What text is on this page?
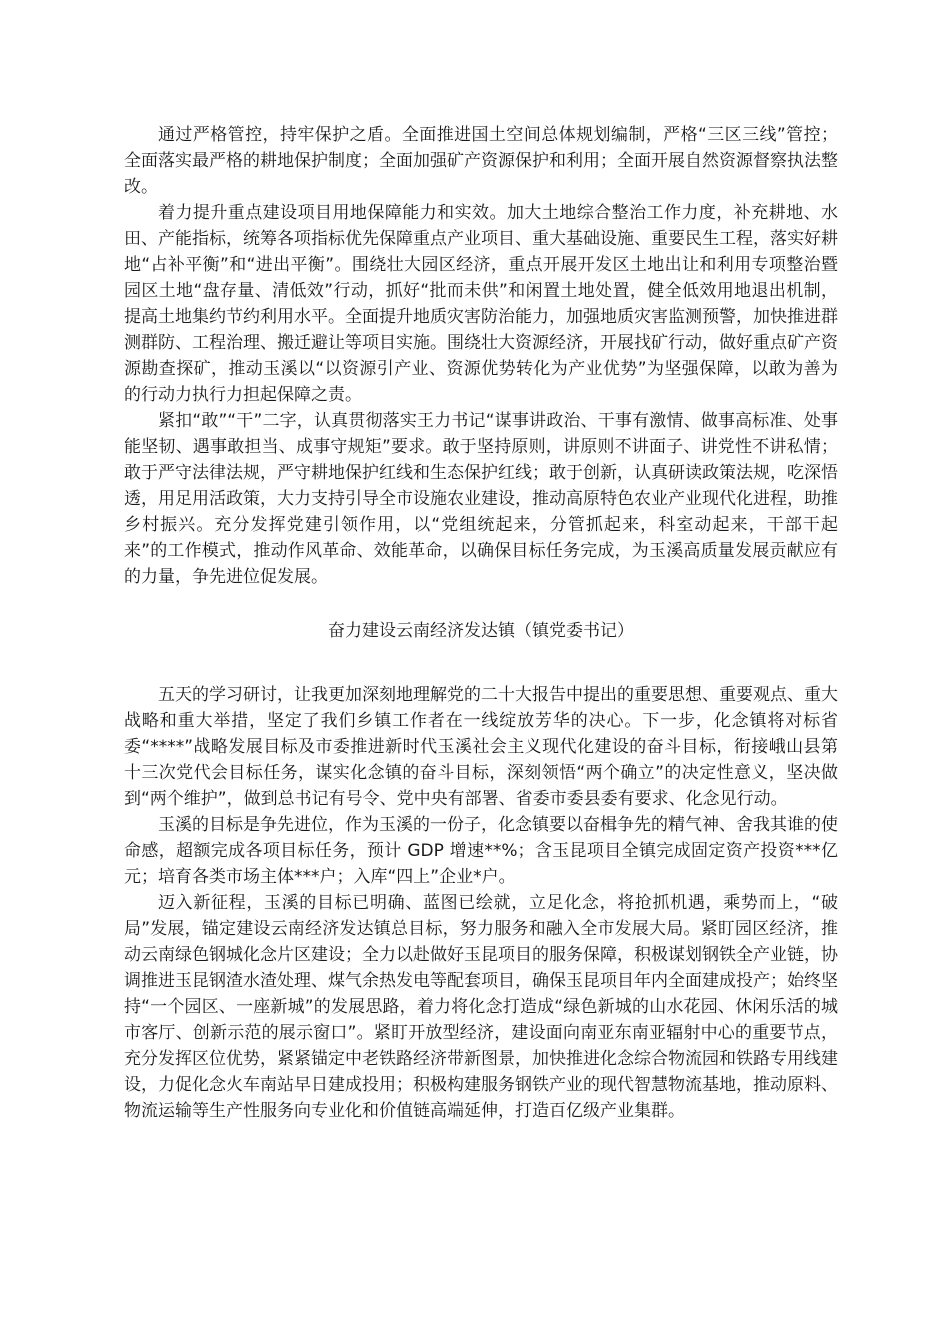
通过严格管控，持牢保护之盾。全面推进国土空间总体规划编制，严格“三区三线”管控；全面落实最严格的耕地保护制度；全面加强矿产资源保护和利用；全面开展自然资源督察执法整改。

着力提升重点建设项目用地保障能力和实效。加大土地综合整治工作力度，补充耕地、水田、产能指标，统筹各项指标优先保障重点产业项目、重大基础设施、重要民生工程，落实好耕地“占补平衡”和“进出平衡”。围绕壮大园区经济，重点开展开发区土地出让和利用专项整治暨园区土地“盘存量、清低效”行动，抓好“批而未供”和闲置土地处置，健全低效用地退出机制，提高土地集约节约利用水平。全面提升地质灾害防治能力，加强地质灾害监测预警，加快推进群测群防、工程治理、搬迁避让等项目实施。围绕壮大资源经济，开展找矿行动，做好重点矿产资源勘查探矿，推动玉溪以“以资源引产业、资源优势转化为产业优势”为坚强保障，以敢为善为的行动力执行力担起保障之责。

紧扣“敢”“干”二字，认真贯彻落实王力书记“谋事讲政治、干事有激情、做事高标准、处事能坚韧、遇事敢担当、成事守规矩”要求。敢于坚持原则，讲原则不讲面子、讲党性不讲私情；敢于严守法律法规，严守耕地保护红线和生态保护红线；敢于创新，认真研读政策法规，吃深悟透，用足用活政策，大力支持引导全市设施农业建设，推动高原特色农业产业现代化进程，助推乡村振兴。充分发挥党建引领作用，以“党组统起来，分管抓起来，科室动起来，干部干起来”的工作模式，推动作风革命、效能革命，以确保目标任务完成，为玉溪高质量发展贡献应有的力量，争先进位促发展。

奋力建设云南经济发达镇（镇党委书记）

五天的学习研讨，让我更加深刻地理解党的二十大报告中提出的重要思想、重要观点、重大战略和重大举措，坚定了我们乡镇工作者在一线绽放芳华的决心。下一步，化念镇将对标省委“****”战略发展目标及市委推进新时代玉溪社会主义现代化建设的奋斗目标，衔接峨山县第十三次党代会目标任务，谋实化念镇的奋斗目标，深刻领悟“两个确立”的决定性意义，坚决做到“两个维护”，做到总书记有号令、党中央有部署、省委市委县委有要求、化念见行动。

玉溪的目标是争先进位，作为玉溪的一份子，化念镇要以奋楫争先的精气神、舍我其谁的使命感，超额完成各项目标任务，预计 GDP 增速**%；含玉昆项目全镇完成固定资产投资***亿元；培育各类市场主体***户；入库“四上”企业*户。

迈入新征程，玉溪的目标已明确、蓝图已绘就，立足化念，将抢抓机遇，乘势而上，“破局”发展，锚定建设云南经济发达镇总目标，努力服务和融入全市发展大局。紧盯园区经济，推动云南绿色钢城化念片区建设；全力以赴做好玉昆项目的服务保障，积极谋划钢铁全产业链，协调推进玉昆钢渣水渣处理、煤气余热发电等配套项目，确保玉昆项目年内全面建成投产；始终坚持“一个园区、一座新城”的发展思路，着力将化念打造成“绿色新城的山水花园、休闲乐活的城市客厅、创新示范的展示窗口”。紧盯开放型经济，建设面向南亚东南亚辐射中心的重要节点，充分发挥区位优势，紧紧锚定中老铁路经济带新图景，加快推进化念综合物流园和铁路专用线建设，力促化念火车南站早日建成投用；积极构建服务钢铁产业的现代智慧物流基地，推动原料、物流运输等生产性服务向专业化和价值链高端延伸，打造百亿级产业集群。
